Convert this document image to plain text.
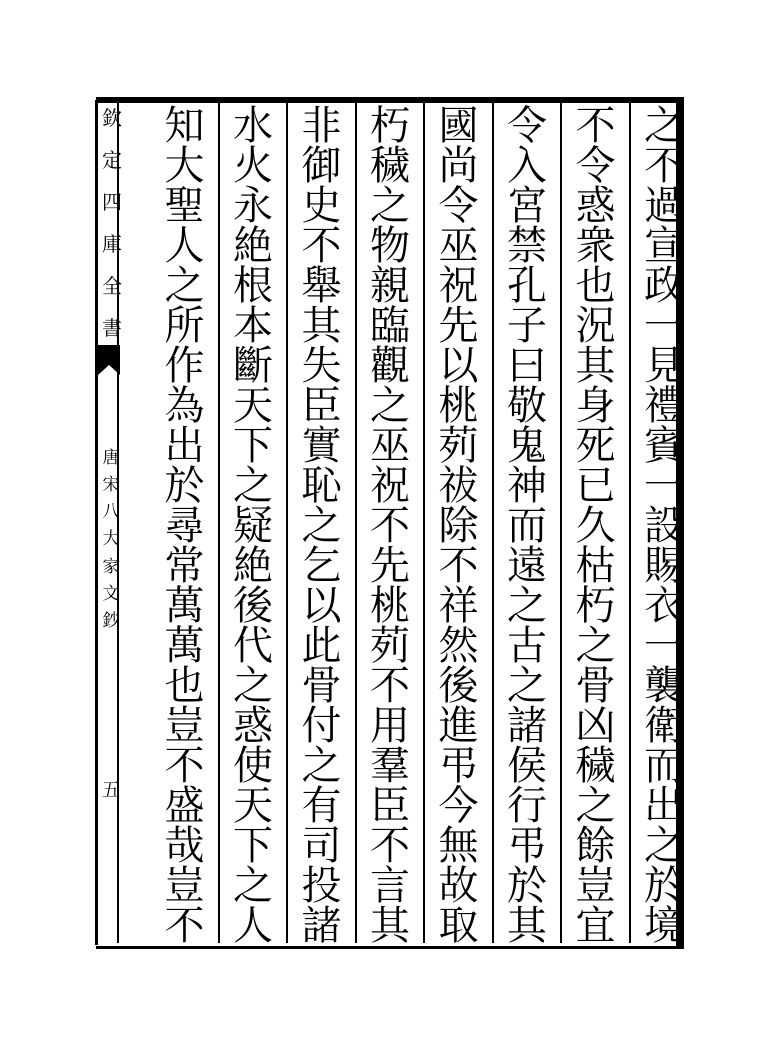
欽
定
四
庫
全
書
唐
宋
八
大
家
文
鈔
五
之
不
過
宣
政
一
見
禮
賓
一
設
賜
衣
一
襲
衛
而
出
之
於
境
不
令
惑
衆
也
況
其
身
死
已
久
枯
朽
之
骨
凶
穢
之
餘
豈
宜
令
入
宮
禁
孔
子
曰
敬
鬼
神
而
遠
之
古
之
諸
侯
行
弔
於
其
國
尚
令
巫
祝
先
以
桃
茢
祓
除
不
祥
然
後
進
弔
今
無
故
取
朽
穢
之
物
親
臨
觀
之
巫
祝
不
先
桃
茢
不
用
羣
臣
不
言
其
非
御
史
不
舉
其
失
臣
實
恥
之
乞
以
此
骨
付
之
有
司
投
諸
水
火
永
絶
根
本
斷
天
下
之
疑
絶
後
代
之
惑
使
天
下
之
人
知
大
聖
人
之
所
作
為
出
於
尋
常
萬
萬
也
豈
不
盛
哉
豈
不
